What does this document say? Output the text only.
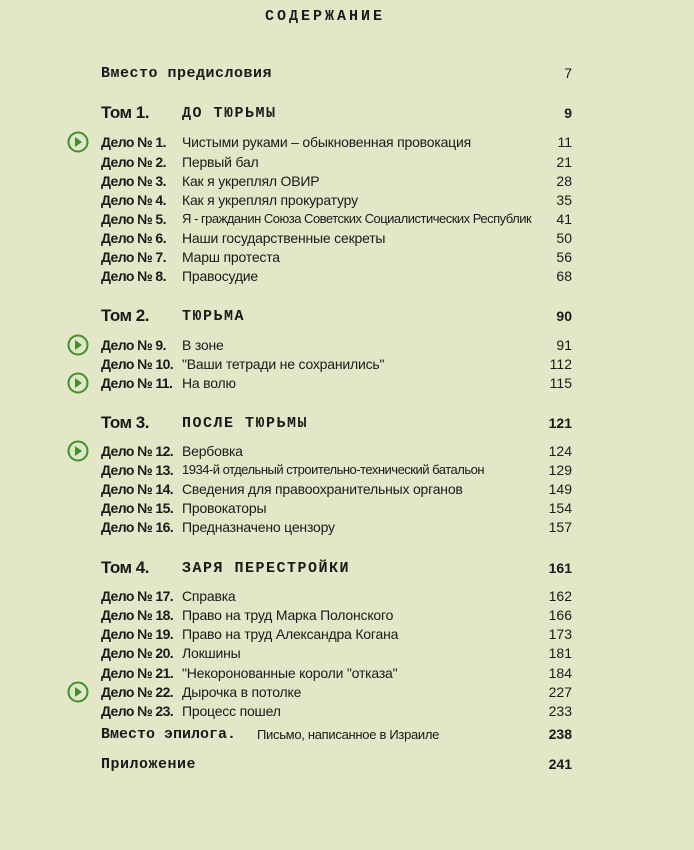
СОДЕРЖАНИЕ
Вместо предисловия	7
Том 1. ДО ТЮРЬМЫ	9
Дело № 1. Чистыми руками – обыкновенная провокация	11
Дело № 2. Первый бал	21
Дело № 3. Как я укреплял ОВИР	28
Дело № 4. Как я укреплял прокуратуру	35
Дело № 5. Я - гражданин Союза Советских Социалистических Республик 41
Дело № 6. Наши государственные секреты	50
Дело № 7. Марш протеста	56
Дело № 8. Правосудие	68
Том 2. ТЮРЬМА	90
Дело № 9. В зоне	91
Дело № 10. "Ваши тетради не сохранились"	112
Дело № 11. На волю	115
Том 3. ПОСЛЕ ТЮРЬМЫ	121
Дело № 12. Вербовка	124
Дело № 13. 1934-й отдельный строительно-технический батальон	129
Дело № 14. Сведения для правоохранительных органов	149
Дело № 15. Провокаторы	154
Дело № 16. Предназначено цензору	157
Том 4. ЗАРЯ ПЕРЕСТРОЙКИ	161
Дело № 17. Справка	162
Дело № 18. Право на труд Марка Полонского	166
Дело № 19. Право на труд Александра Когана	173
Дело № 20. Локшины	181
Дело № 21. "Некоронованные короли "отказа"	184
Дело № 22. Дырочка в потолке	227
Дело № 23. Процесс пошел	233
Вместо эпилога. Письмо, написанное в Израиле	238
Приложение	241
